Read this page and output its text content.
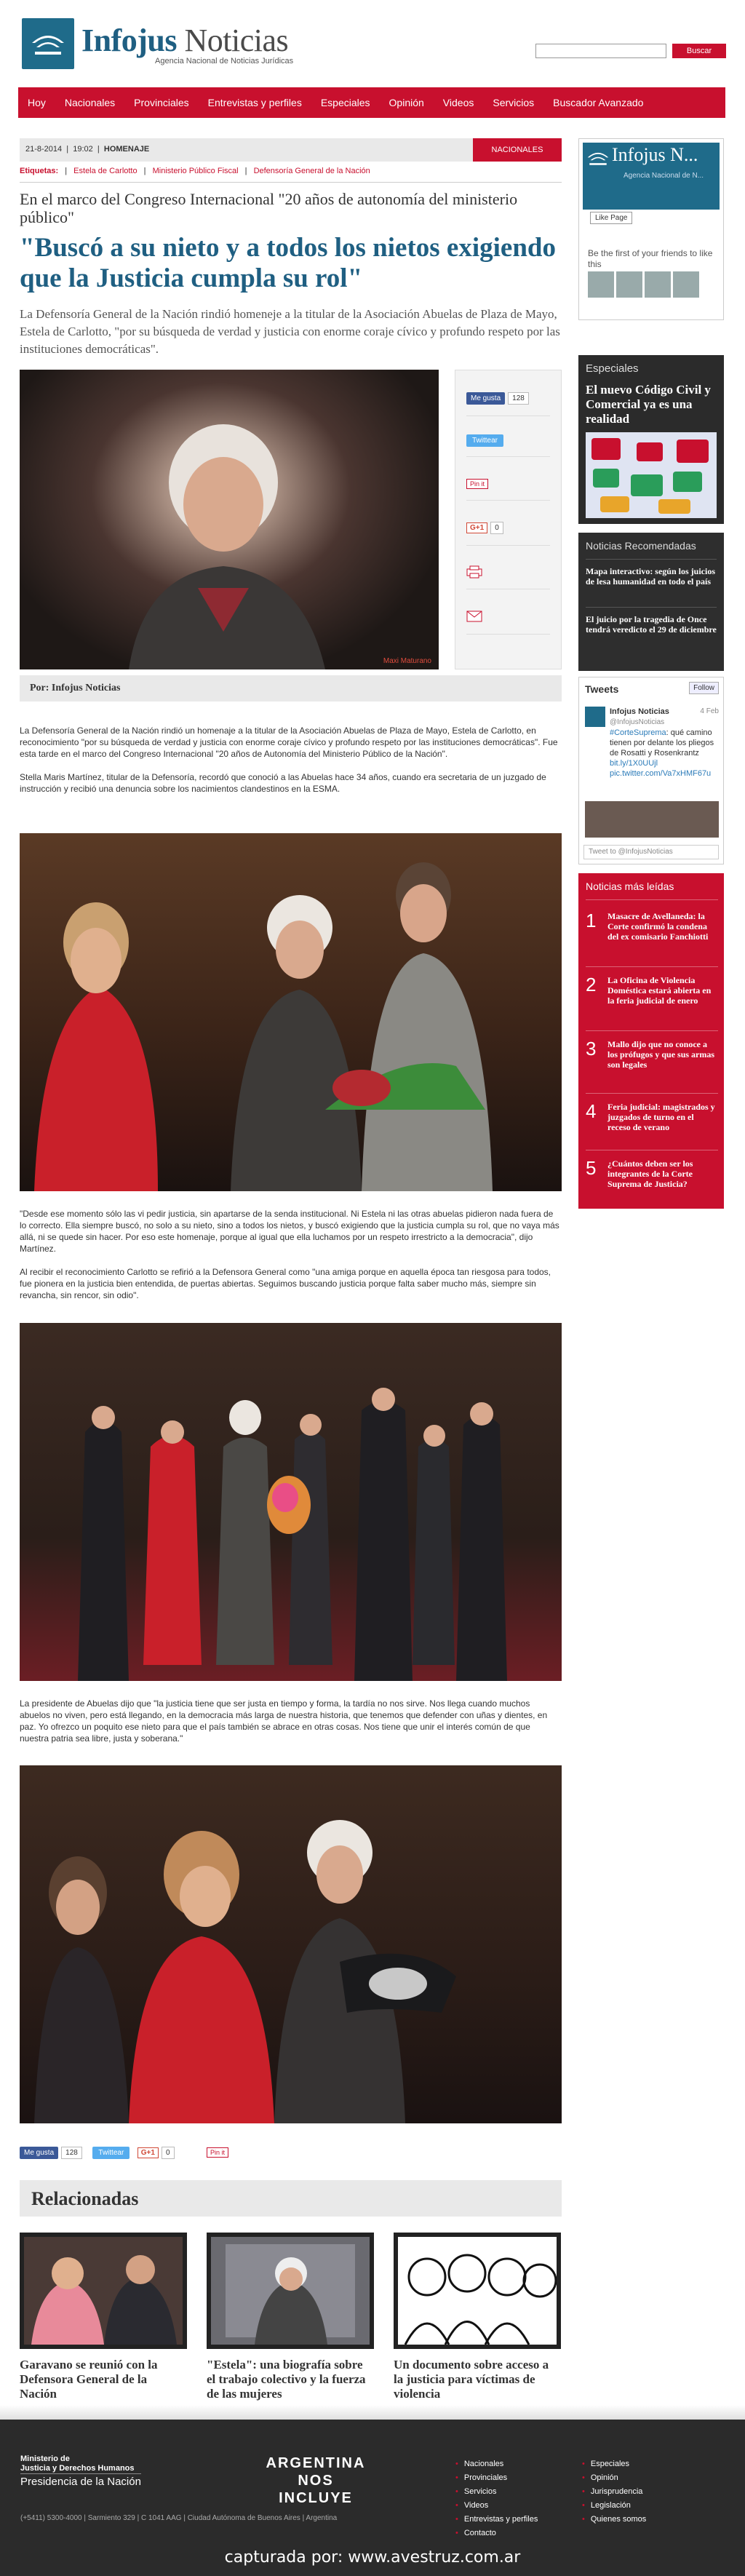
Infojus Noticias
Agencia Nacional de Noticias Jurídicas
Buscar
Hoy	Nacionales	Provinciales	Entrevistas y perfiles	Especiales	Opinión	Videos	Servicios	Buscador Avanzado
21-8-2014  |  19:02  |  HOMENAJE	NACIONALES
Etiquetas: | Estela de Carlotto | Ministerio Público Fiscal | Defensoría General de la Nación
En el marco del Congreso Internacional "20 años de autonomía del ministerio público"
"Buscó a su nieto y a todos los nietos exigiendo que la Justicia cumpla su rol"
La Defensoría General de la Nación rindió homeneje a la titular de la Asociación Abuelas de Plaza de Mayo, Estela de Carlotto, "por su búsqueda de verdad y justicia con enorme coraje cívico y profundo respeto por las instituciones democráticas".
Maxi Maturano
Me gusta 128
Twittear
Pin it
G+1 0
Por: Infojus Noticias

La Defensoría General de la Nación rindió un homenaje a la titular de la Asociación Abuelas de Plaza de Mayo, Estela de Carlotto, en reconocimiento "por su búsqueda de verdad y justicia con enorme coraje cívico y profundo respeto por las instituciones democráticas". Fue esta tarde en el marco del Congreso Internacional "20 años de Autonomía del Ministerio Público de la Nación".

Stella Maris Martínez, titular de la Defensoría, recordó que conoció a las Abuelas hace 34 años, cuando era secretaria de un juzgado de instrucción y recibió una denuncia sobre los nacimientos clandestinos en la ESMA.

"Desde ese momento sólo las vi pedir justicia, sin apartarse de la senda institucional. Ni Estela ni las otras abuelas pidieron nada fuera de lo correcto. Ella siempre buscó, no solo a su nieto, sino a todos los nietos, y buscó exigiendo que la justicia cumpla su rol, que no vaya más allá, ni se quede sin hacer. Por eso este homenaje, porque al igual que ella luchamos por un respeto irrestricto a la democracia", dijo Martínez.

Al recibir el reconocimiento Carlotto se refirió a la Defensora General como "una amiga porque en aquella época tan riesgosa para todos, fue pionera en la justicia bien entendida, de puertas abiertas. Seguimos buscando justicia porque falta saber mucho más, siempre sin revancha, sin rencor, sin odio".

La presidente de Abuelas dijo que "la justicia tiene que ser justa en tiempo y forma, la tardía no nos sirve. Nos llega cuando muchos abuelos no viven, pero está llegando, en la democracia más larga de nuestra historia, que tenemos que defender con uñas y dientes, en paz. Yo ofrezco un poquito ese nieto para que el país también se abrace en otras cosas. Nos tiene que unir el interés común de que nuestra patria sea libre, justa y soberana."

Me gusta 128	Twittear G+1 0	Pin it
Relacionadas
Garavano se reunió con la Defensora General de la Nación
"Estela": una biografía sobre el trabajo colectivo y la fuerza de las mujeres
Un documento sobre acceso a la justicia para víctimas de violencia
Infojus N...
Agencia Nacional de N...
Like Page
Be the first of your friends to like this
Especiales
El nuevo Código Civil y Comercial ya es una realidad
Noticias Recomendadas
Mapa interactivo: según los juicios de lesa humanidad en todo el país
El juicio por la tragedia de Once tendrá veredicto el 29 de diciembre
Tweets	Follow
Infojus Noticias	4 Feb

@InfojusNoticias
#CorteSuprema: qué camino tienen por delante los pliegos de Rosatti y Rosenkrantz bit.ly/1X0UUjl
pic.twitter.com/Va7xHMF67u
Tweet to @InfojusNoticias
Noticias más leídas
1 Masacre de Avellaneda: la Corte confirmó la condena del ex comisario Fanchiotti
2 La Oficina de Violencia Doméstica estará abierta en la feria judicial de enero
3 Mallo dijo que no conoce a los prófugos y que sus armas son legales
4 Feria judicial: magistrados y juzgados de turno en el receso de verano
5 ¿Cuántos deben ser los integrantes de la Corte Suprema de Justicia?
Ministerio de
Justicia y Derechos Humanos
Presidencia de la Nación
(+5411) 5300-4000 | Sarmiento 329 | C 1041 AAG | Ciudad Autónoma de Buenos Aires | Argentina
ARGENTINA
NOS INCLUYE
• Nacionales
• Provinciales
• Servicios
• Videos
• Entrevistas y perfiles
• Contacto
• Especiales
• Opinión
• Jurisprudencia
• Legislación
• Quienes somos
capturada por: www.avestruz.com.ar
